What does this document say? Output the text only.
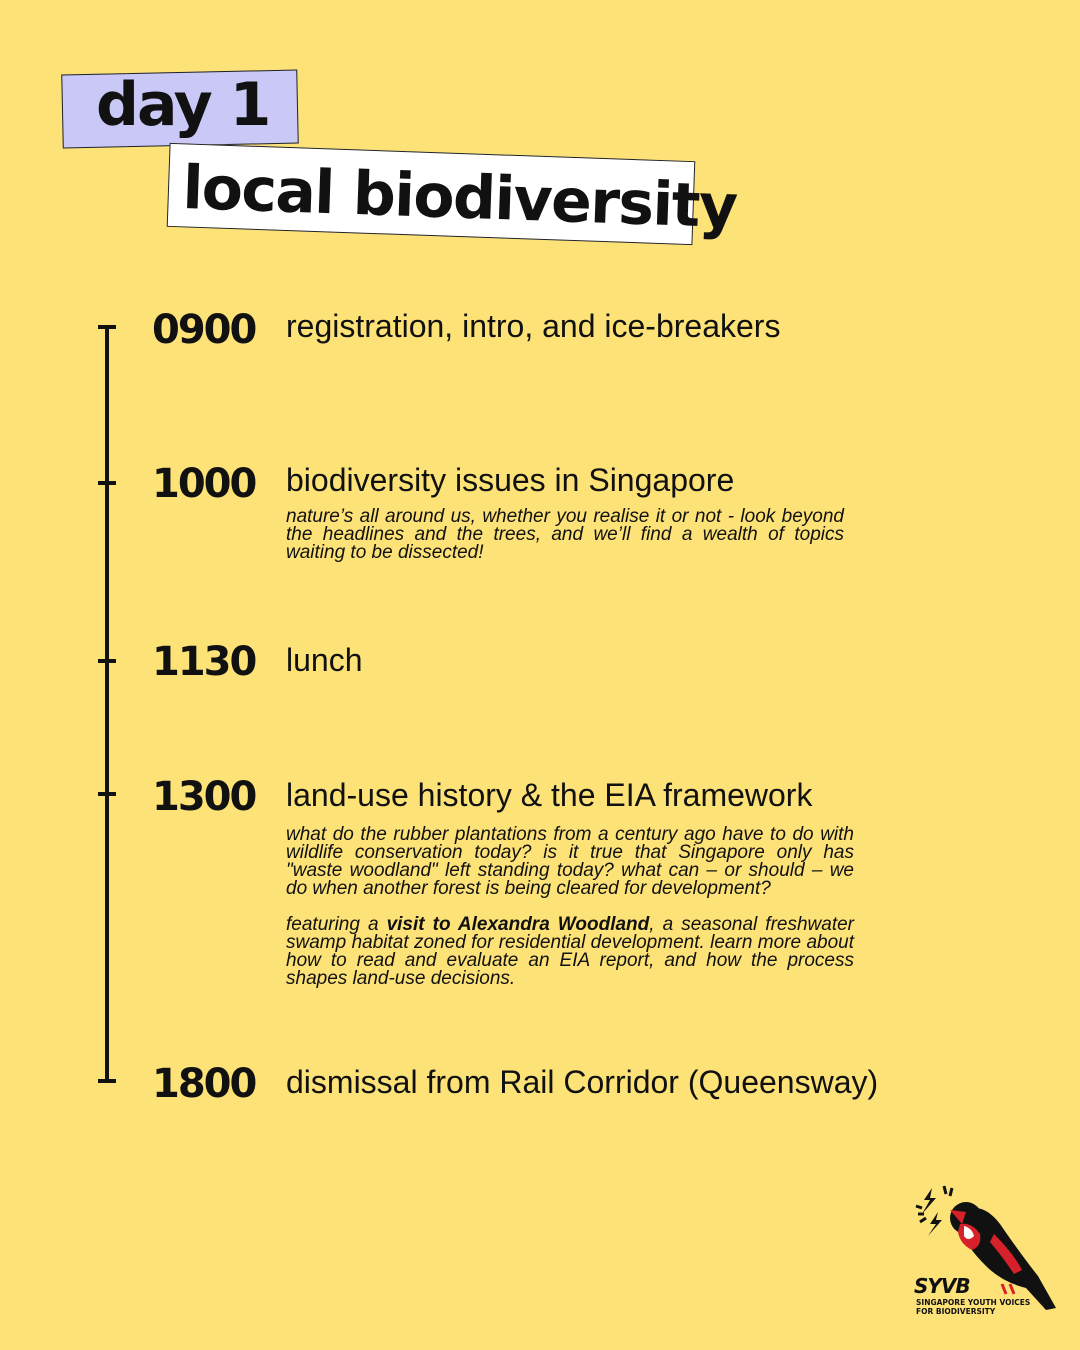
day 1
local biodiversity
0900 registration, intro, and ice-breakers
1000 biodiversity issues in Singapore
nature’s all around us, whether you realise it or not - look beyond the headlines and the trees, and we’ll find a wealth of topics waiting to be dissected!
1130 lunch
1300 land-use history & the EIA framework

what do the rubber plantations from a century ago have to do with wildlife conservation today? is it true that Singapore only has "waste woodland" left standing today? what can – or should – we do when another forest is being cleared for development?

featuring a visit to Alexandra Woodland, a seasonal freshwater swamp habitat zoned for residential development. learn more about how to read and evaluate an EIA report, and how the process shapes land-use decisions.

1800 dismissal from Rail Corridor (Queensway)
SYVB
SINGAPORE YOUTH VOICES FOR BIODIVERSITY
